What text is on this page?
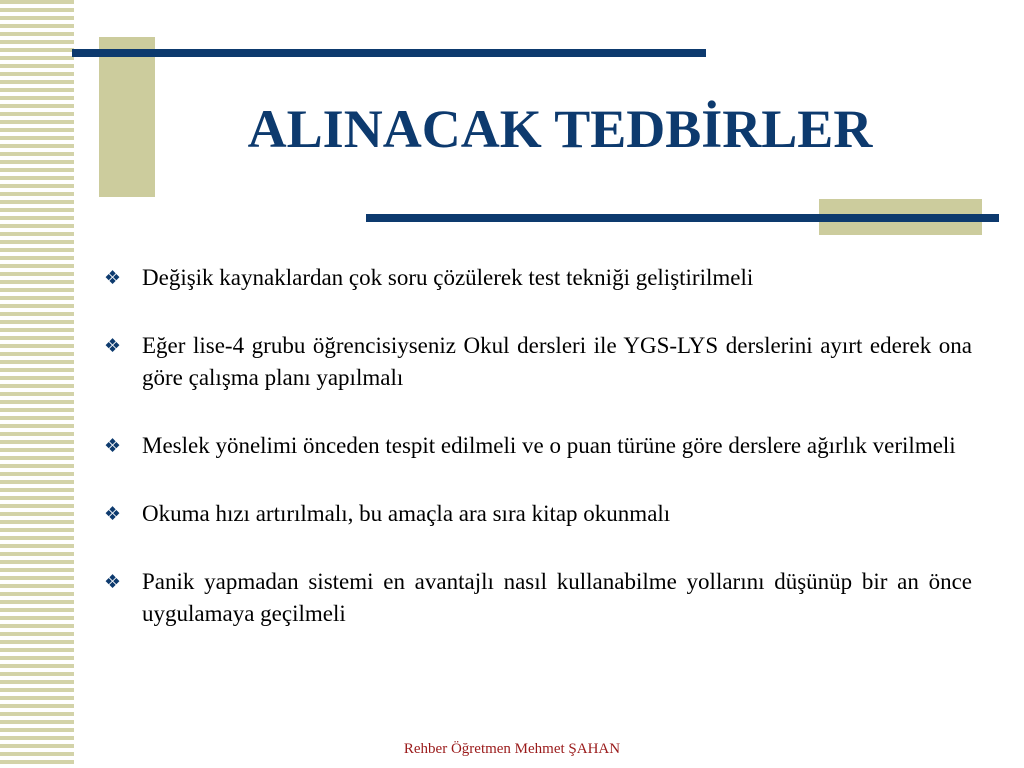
ALINACAK TEDBİRLER
❖ Değişik kaynaklardan çok soru çözülerek test tekniği geliştirilmeli
❖ Eğer lise-4 grubu öğrencisiyseniz Okul dersleri ile YGS-LYS derslerini ayırt ederek ona göre çalışma planı yapılmalı
❖ Meslek yönelimi önceden tespit edilmeli ve o puan türüne göre derslere ağırlık verilmeli
❖ Okuma hızı artırılmalı, bu amaçla ara sıra kitap okunmalı
❖ Panik yapmadan sistemi en avantajlı nasıl kullanabilme yollarını düşünüp bir an önce uygulamaya geçilmeli
Rehber Öğretmen Mehmet ŞAHAN
